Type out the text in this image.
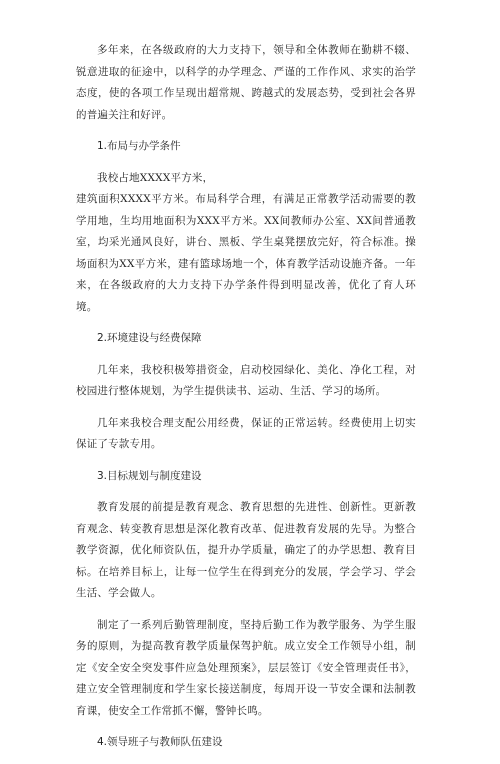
多年来，在各级政府的大力支持下，领导和全体教师在勤耕不辍、锐意进取的征途中，以科学的办学理念、严谨的工作作风、求实的治学态度，使的各项工作呈现出超常规、跨越式的发展态势，受到社会各界的普遍关注和好评。

1.布局与办学条件

我校占地XXXX平方米，

建筑面积XXXX平方米。布局科学合理，有满足正常教学活动需要的教学用地，生均用地面积为XXX平方米。XX间教师办公室、XX间普通教室，均采光通风良好，讲台、黑板、学生桌凳摆放完好，符合标准。操场面积为XX平方米，建有篮球场地一个，体育教学活动设施齐备。一年来，在各级政府的大力支持下办学条件得到明显改善，优化了育人环境。

2.环境建设与经费保障

几年来，我校积极筹措资金，启动校园绿化、美化、净化工程，对校园进行整体规划，为学生提供读书、运动、生活、学习的场所。

几年来我校合理支配公用经费，保证的正常运转。经费使用上切实保证了专款专用。

3.目标规划与制度建设

教育发展的前提是教育观念、教育思想的先进性、创新性。更新教育观念、转变教育思想是深化教育改革、促进教育发展的先导。为整合教学资源，优化师资队伍，提升办学质量，确定了的办学思想、教育目标。在培养目标上，让每一位学生在得到充分的发展，学会学习、学会生活、学会做人。

制定了一系列后勤管理制度，坚持后勤工作为教学服务、为学生服务的原则，为提高教育教学质量保驾护航。成立安全工作领导小组，制定《安全安全突发事件应急处理预案》，层层签订《安全管理责任书》，建立安全管理制度和学生家长接送制度，每周开设一节安全课和法制教育课，使安全工作常抓不懈，警钟长鸣。

4.领导班子与教师队伍建设
